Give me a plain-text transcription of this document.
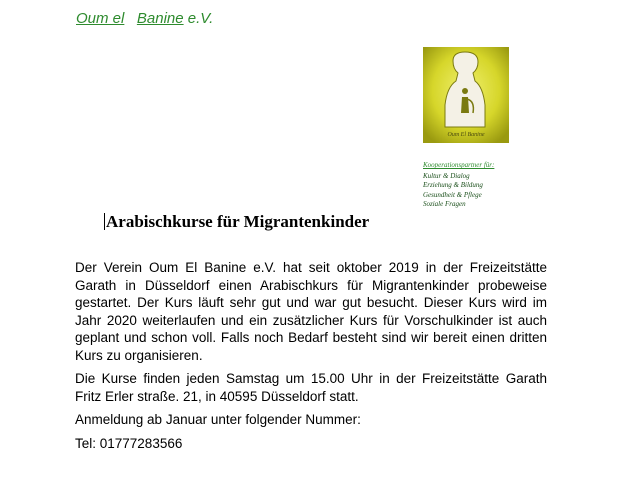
Oum el Banine e.V.
Oum El Banine
Kooperationspartner für:
Kultur & Dialog
Erziehung & Bildung
Gesundheit & Pflege
Soziale Fragen
Arabischkurse für Migrantenkinder

Der Verein Oum El Banine e.V. hat seit oktober 2019 in der Freizeitstätte Garath in Düsseldorf einen Arabischkurs für Migrantenkinder probeweise gestartet. Der Kurs läuft sehr gut und war gut besucht. Dieser Kurs wird im Jahr 2020 weiterlaufen und ein zusätzlicher Kurs für Vorschulkinder ist auch geplant und schon voll. Falls noch Bedarf besteht sind wir bereit einen dritten Kurs zu organisieren.

Die Kurse finden jeden Samstag um 15.00 Uhr in der Freizeitstätte Garath Fritz Erler straße. 21, in 40595 Düsseldorf statt.

Anmeldung ab Januar unter folgender Nummer:

Tel: 01777283566
